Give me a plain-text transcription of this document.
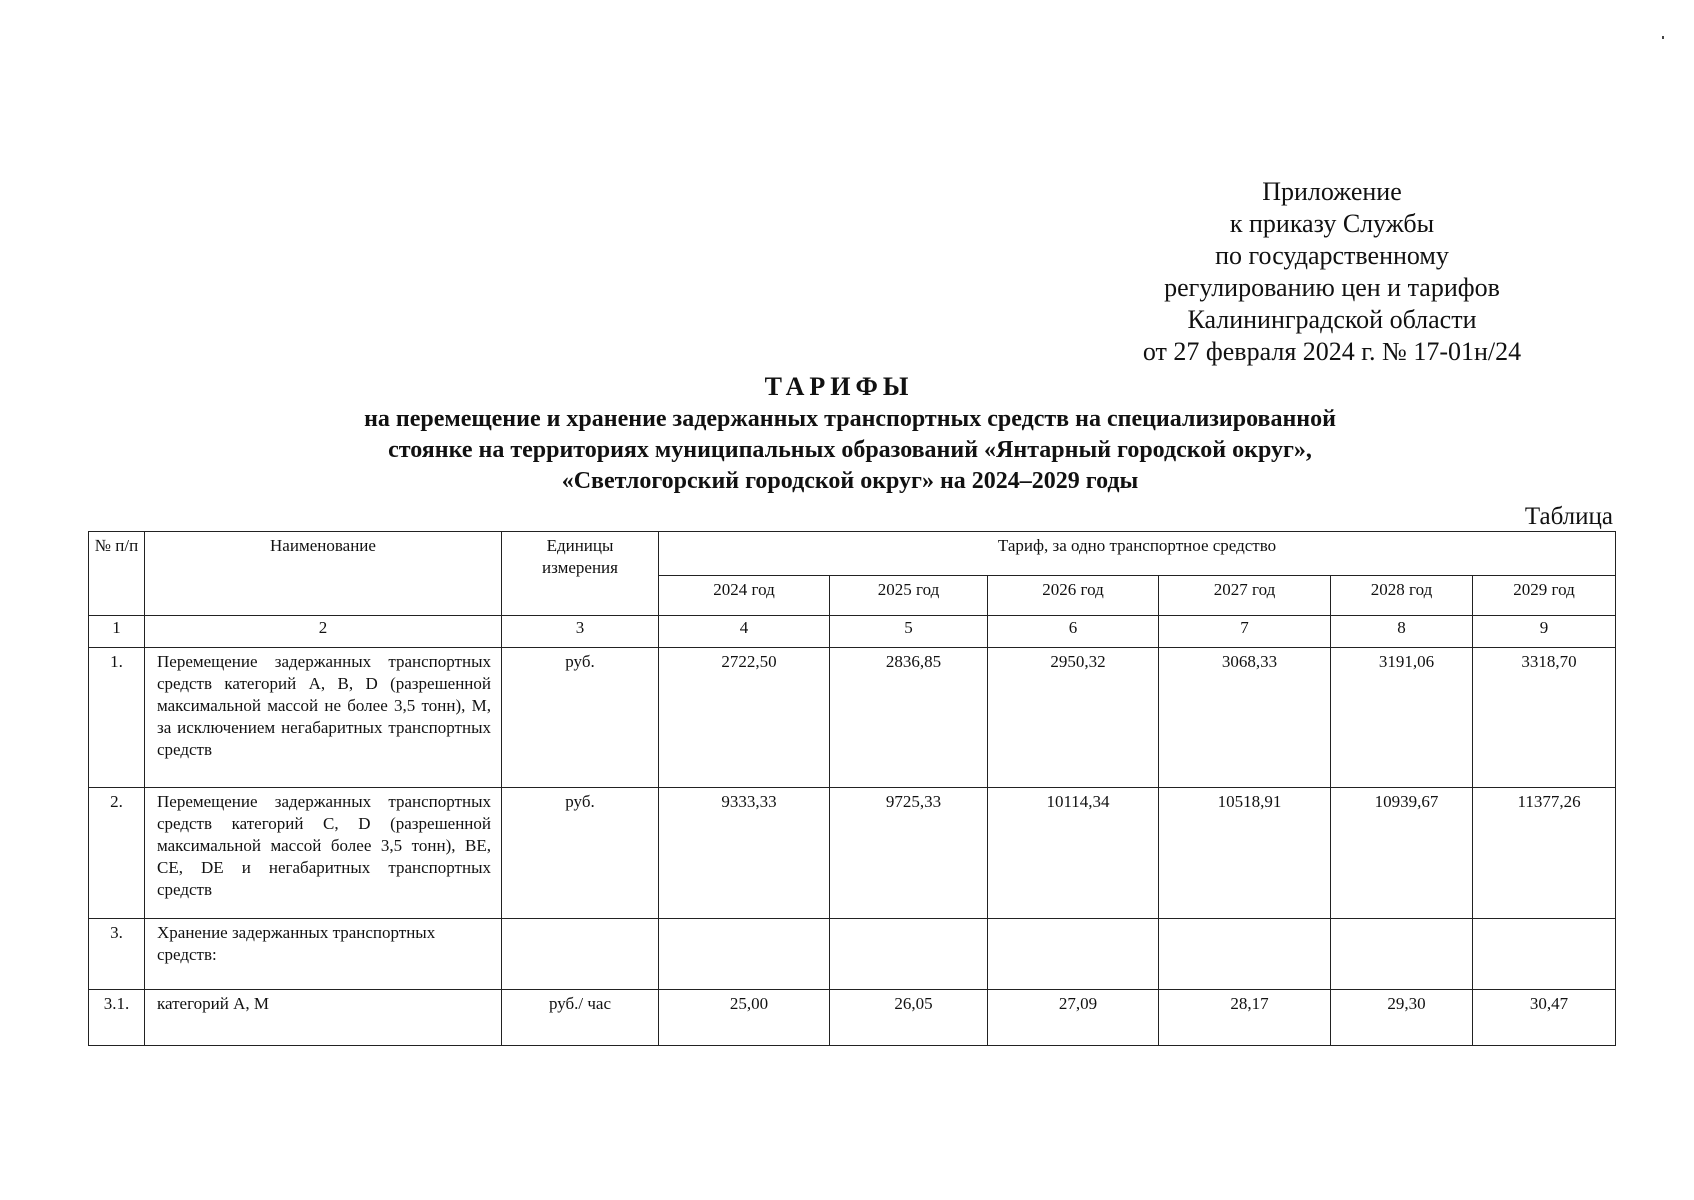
Приложение
к приказу Службы
по государственному
регулированию цен и тарифов
Калининградской области
от 27 февраля 2024 г. № 17-01н/24
ТАРИФЫ
на перемещение и хранение задержанных транспортных средств на специализированной
стоянке на территориях муниципальных образований «Янтарный городской округ»,
«Светлогорский городской округ» на 2024–2029 годы
Таблица
№ п/п	Наименование	Единицы измерения	Тариф, за одно транспортное средство					
			2024 год	2025 год	2026 год	2027 год	2028 год	2029 год
1	2	3	4	5	6	7	8	9
1.	Перемещение задержанных транспортных средств категорий A, B, D (разрешенной максимальной массой не более 3,5 тонн), M, за исключением негабаритных транспортных средств	руб.	2722,50	2836,85	2950,32	3068,33	3191,06	3318,70
2.	Перемещение задержанных транспортных средств категорий C, D (разрешенной максимальной массой более 3,5 тонн), BE, CE, DE и негабаритных транспортных средств	руб.	9333,33	9725,33	10114,34	10518,91	10939,67	11377,26
3.	Хранение задержанных транспортных средств:							
3.1.	категорий A, M	руб./ час	25,00	26,05	27,09	28,17	29,30	30,47
